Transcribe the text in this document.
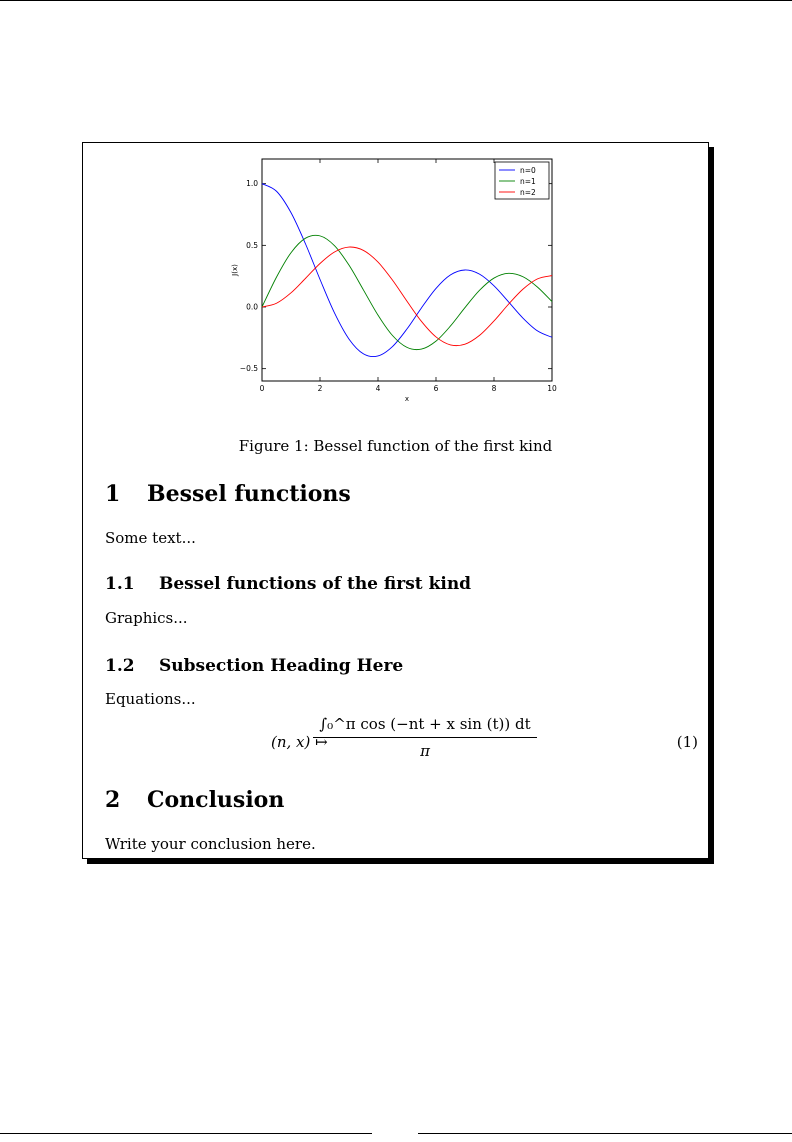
0	2	4	6	8	10
−0.5
0.0
0.5
1.0
x
J(x)
n=0
n=1
n=2
Figure 1: Bessel function of the first kind
1 Bessel functions
Some text...
1.1 Bessel functions of the first kind
Graphics...
1.2 Subsection Heading Here
Equations...
(n, x) ↦
$\frac{\text{∫₀\textasciicircum{}π cos (−nt + x sin (t)) dt}}{\pi}$	(1)
2 Conclusion
Write your conclusion here.
